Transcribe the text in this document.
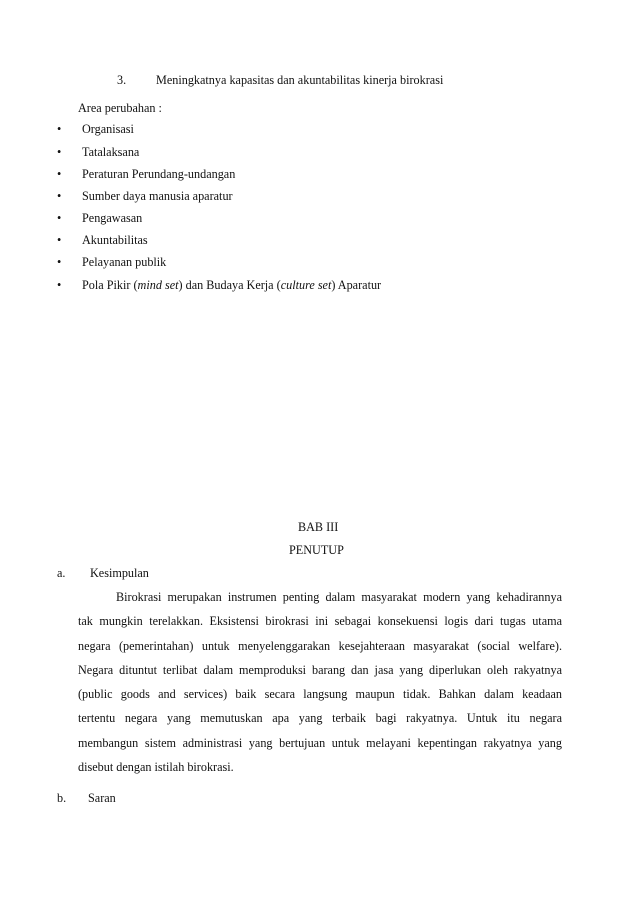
3. Meningkatnya kapasitas dan akuntabilitas kinerja birokrasi
Area perubahan :
• Organisasi
• Tatalaksana
• Peraturan Perundang-undangan
• Sumber daya manusia aparatur
• Pengawasan
• Akuntabilitas
• Pelayanan publik
• Pola Pikir (mind set) dan Budaya Kerja (culture set) Aparatur
BAB III
PENUTUP
a. Kesimpulan
Birokrasi merupakan instrumen penting dalam masyarakat modern yang kehadirannya
tak mungkin terelakkan. Eksistensi birokrasi ini sebagai konsekuensi logis dari tugas utama
negara (pemerintahan) untuk menyelenggarakan kesejahteraan masyarakat (social welfare).
Negara dituntut terlibat dalam memproduksi barang dan jasa yang diperlukan oleh rakyatnya
(public goods and services) baik secara langsung maupun tidak. Bahkan dalam keadaan
tertentu negara yang memutuskan apa yang terbaik bagi rakyatnya. Untuk itu negara
membangun sistem administrasi yang bertujuan untuk melayani kepentingan rakyatnya yang
disebut dengan istilah birokrasi.
b. Saran
